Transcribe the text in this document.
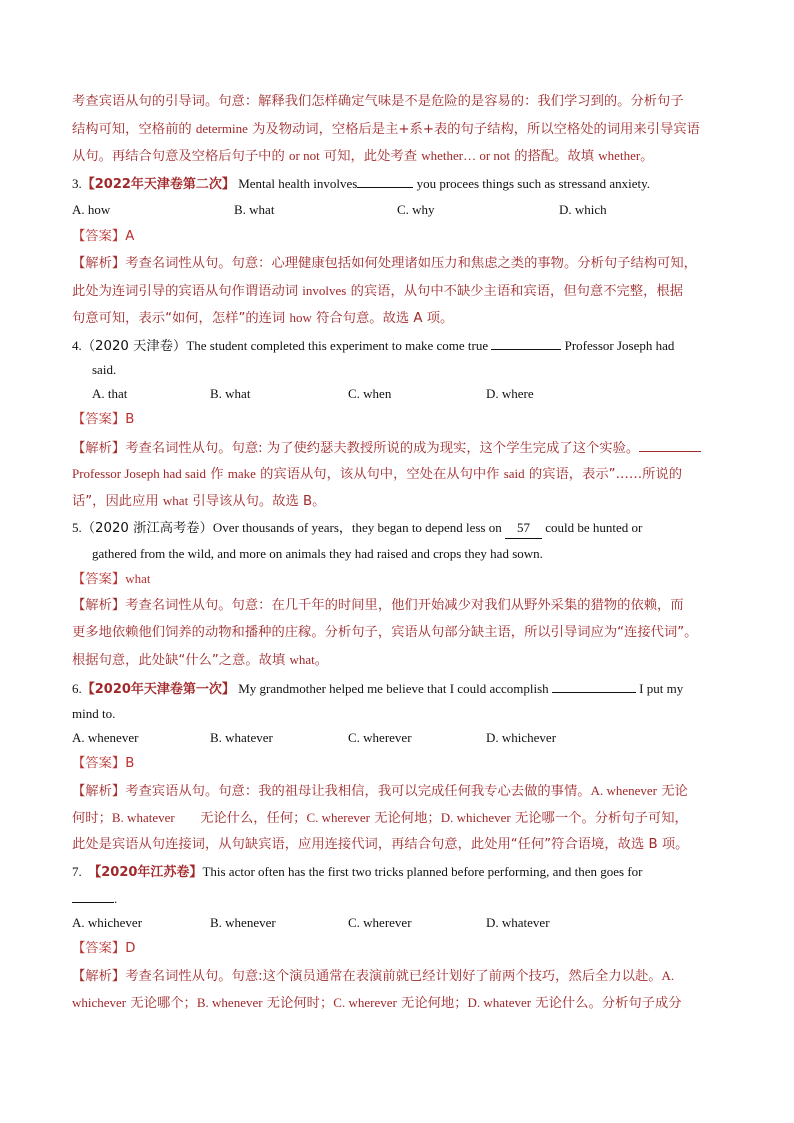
考查宾语从句的引导词。句意：解释我们怎样确定气味是不是危险的是容易的：我们学习到的。分析句子
结构可知，空格前的 determine 为及物动词，空格后是主+系+表的句子结构，所以空格处的词用来引导宾语
从句。再结合句意及空格后句子中的 or not 可知，此处考查 whether… or not 的搭配。故填 whether。
3.【2022年天津卷第二次】 Mental health involves	you procees things such as stressand anxiety.
A. how	B. what	C. why	D. which
【答案】A
【解析】考查名词性从句。句意：心理健康包括如何处理诸如压力和焦虑之类的事物。分析句子结构可知，
此处为连词引导的宾语从句作谓语动词 involves 的宾语，从句中不缺少主语和宾语，但句意不完整，根据
句意可知，表示“如何，怎样”的连词 how 符合句意。故选 A 项。
4.（2020 天津卷）The student completed this experiment to make come true	Professor Joseph had
said.
A. that	B. what	C. when	D. where
【答案】B
【解析】考查名词性从句。句意: 为了使约瑟夫教授所说的成为现实，这个学生完成了这个实验。
Professor Joseph had said 作 make 的宾语从句，该从句中，空处在从句中作 said 的宾语，表示”……所说的
话”，因此应用 what 引导该从句。故选 B。
5.（2020 浙江高考卷）Over thousands of years，they began to depend less on 57 could be hunted or
gathered from the wild, and more on animals they had raised and crops they had sown.
【答案】what
【解析】考查名词性从句。句意：在几千年的时间里，他们开始减少对我们从野外采集的猎物的依赖，而
更多地依赖他们饲养的动物和播种的庄稼。分析句子，宾语从句部分缺主语，所以引导词应为“连接代词”。
根据句意，此处缺“什么”之意。故填 what。
6.【2020年天津卷第一次】 My grandmother helped me believe that I could accomplish	I put my
mind to.
A. whenever	B. whatever	C. wherever	D. whichever
【答案】B
【解析】考查宾语从句。句意：我的祖母让我相信，我可以完成任何我专心去做的事情。A. whenever 无论
何时；B. whatever      无论什么，任何；C. wherever 无论何地；D. whichever 无论哪一个。分析句子可知，
此处是宾语从句连接词，从句缺宾语，应用连接代词，再结合句意，此处用“任何”符合语境，故选 B 项。
7. 【2020年江苏卷】This actor often has the first two tricks planned before performing, and then goes for
.
A. whichever	B. whenever	C. wherever	D. whatever
【答案】D
【解析】考查名词性从句。句意:这个演员通常在表演前就已经计划好了前两个技巧，然后全力以赴。A.
whichever 无论哪个；B. whenever 无论何时；C. wherever 无论何地；D. whatever 无论什么。分析句子成分
